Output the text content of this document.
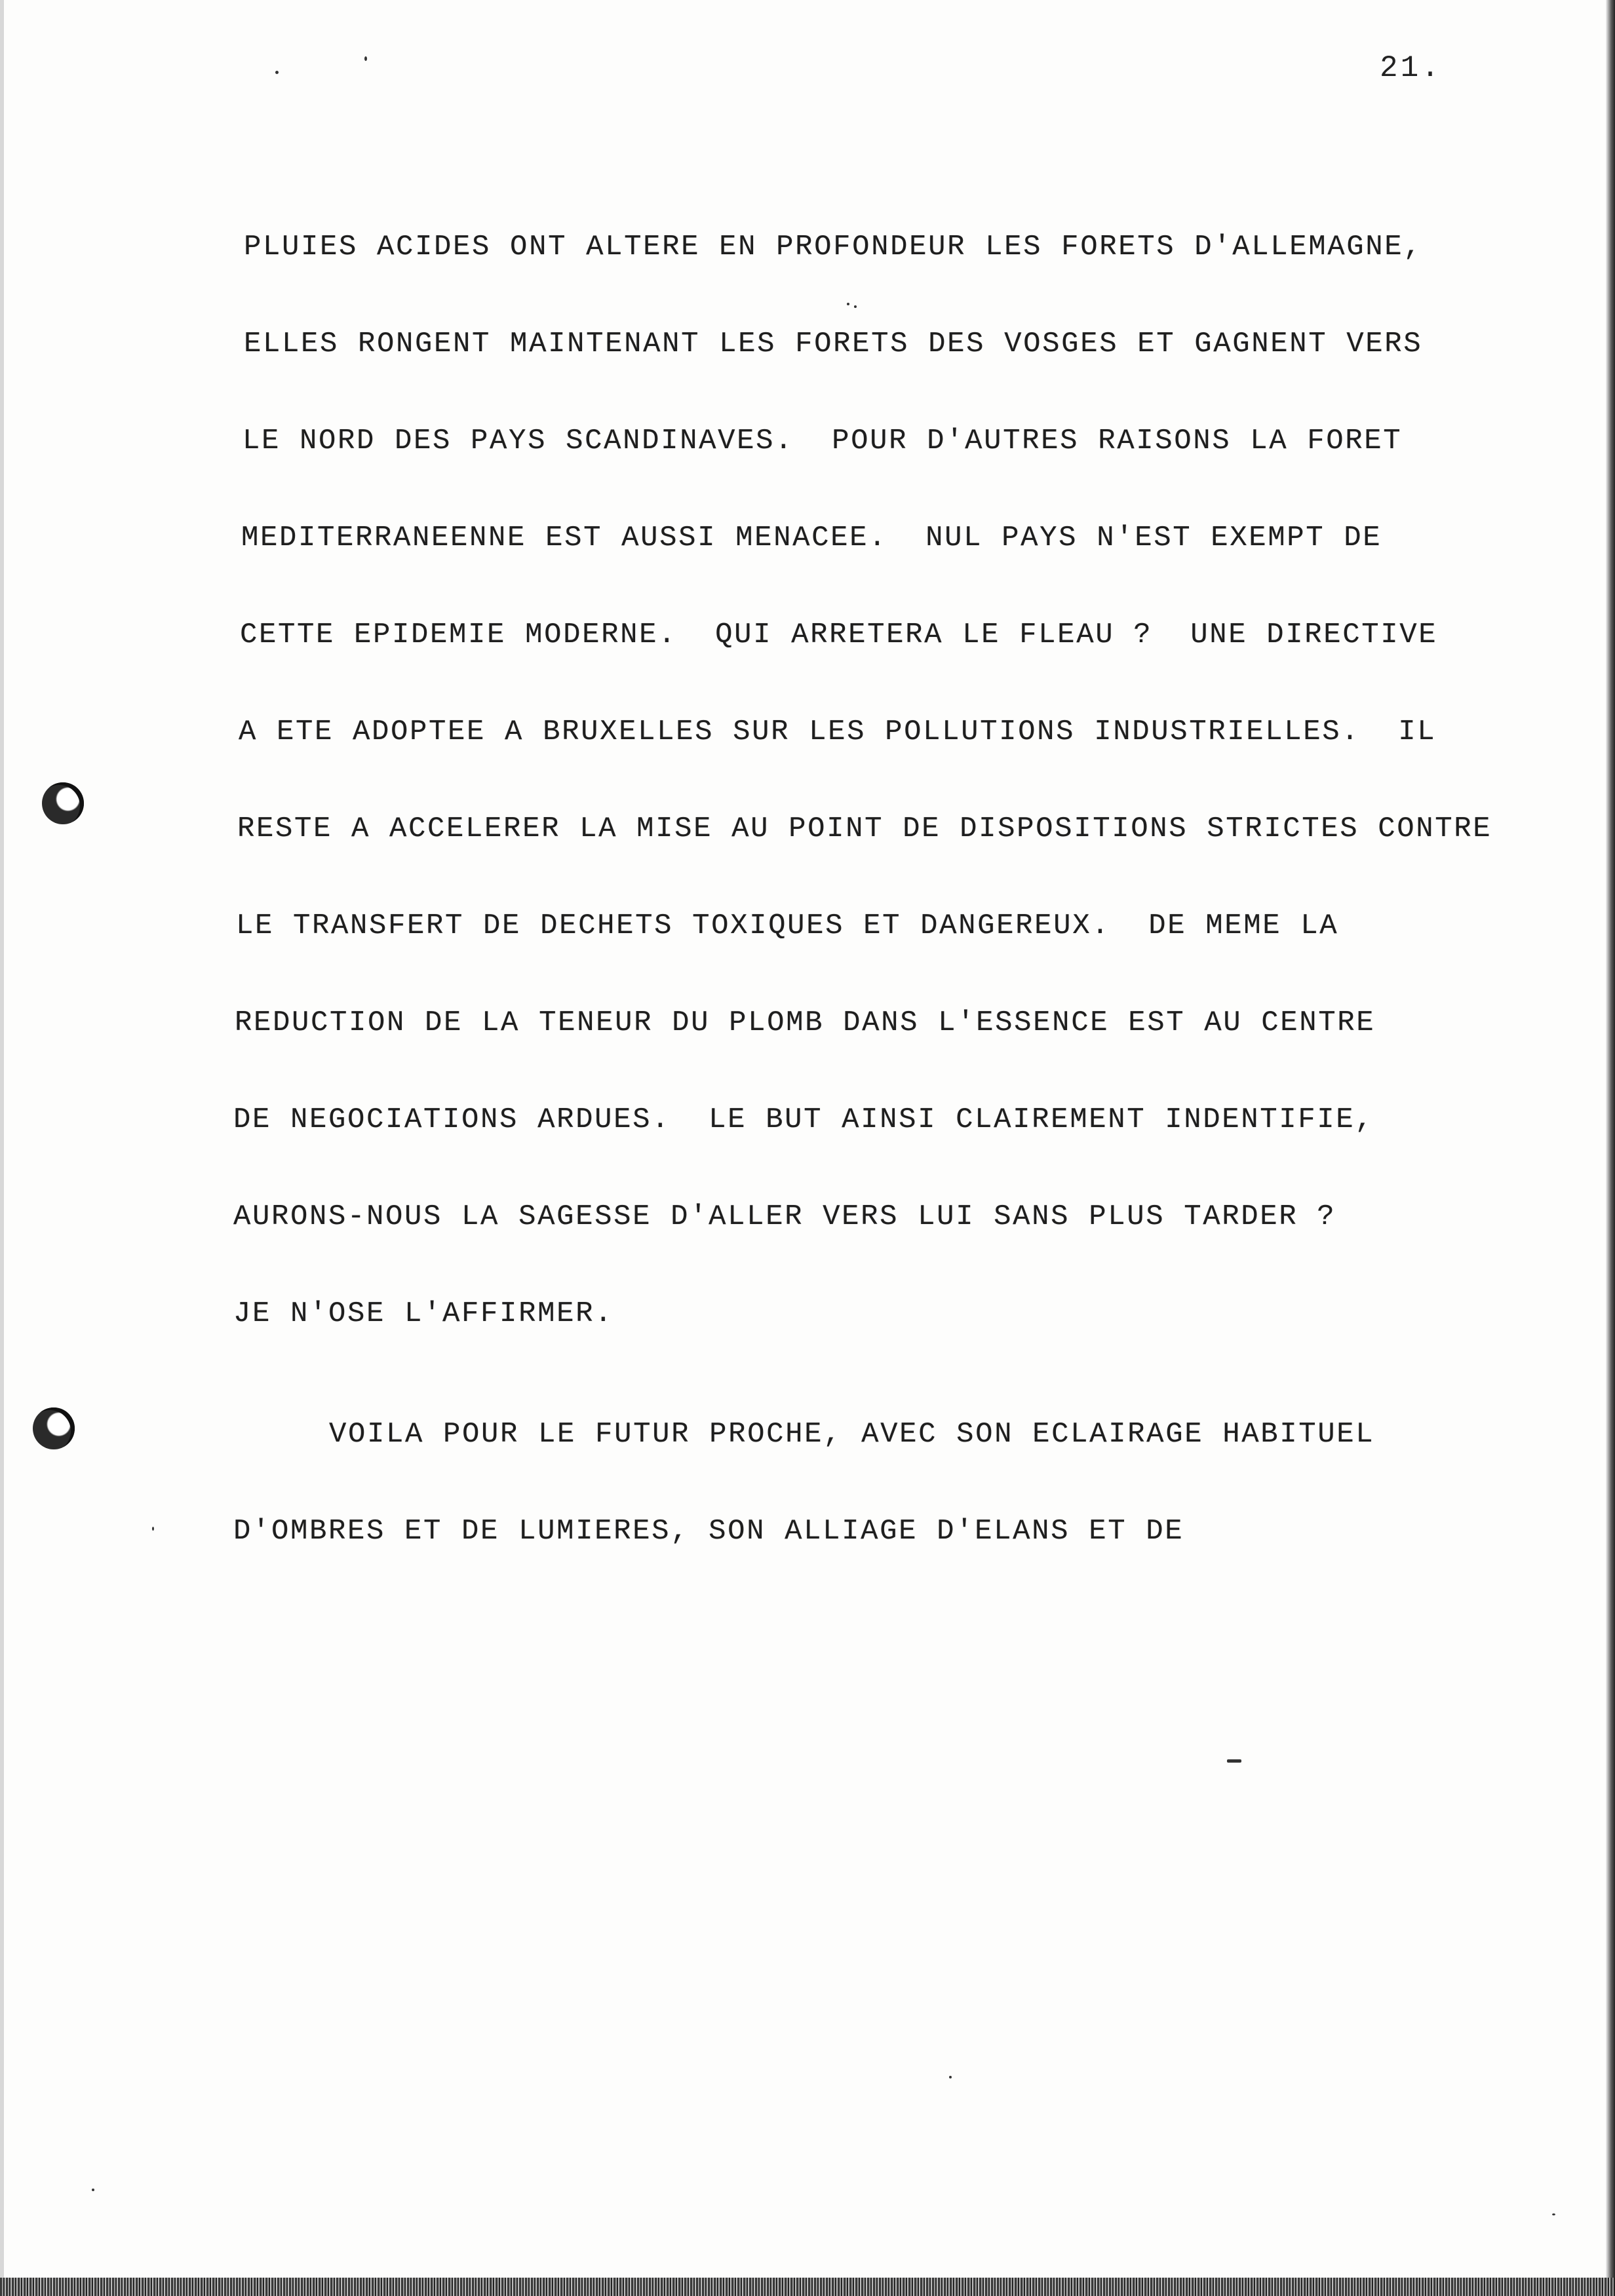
21.
PLUIES ACIDES ONT ALTERE EN PROFONDEUR LES FORETS D'ALLEMAGNE,
ELLES RONGENT MAINTENANT LES FORETS DES VOSGES ET GAGNENT VERS
LE NORD DES PAYS SCANDINAVES.  POUR D'AUTRES RAISONS LA FORET
MEDITERRANEENNE EST AUSSI MENACEE.  NUL PAYS N'EST EXEMPT DE
CETTE EPIDEMIE MODERNE.  QUI ARRETERA LE FLEAU ?  UNE DIRECTIVE
A ETE ADOPTEE A BRUXELLES SUR LES POLLUTIONS INDUSTRIELLES.  IL
RESTE A ACCELERER LA MISE AU POINT DE DISPOSITIONS STRICTES CONTRE
LE TRANSFERT DE DECHETS TOXIQUES ET DANGEREUX.  DE MEME LA
REDUCTION DE LA TENEUR DU PLOMB DANS L'ESSENCE EST AU CENTRE
DE NEGOCIATIONS ARDUES.  LE BUT AINSI CLAIREMENT INDENTIFIE,
AURONS-NOUS LA SAGESSE D'ALLER VERS LUI SANS PLUS TARDER ?
JE N'OSE L'AFFIRMER.
VOILA POUR LE FUTUR PROCHE, AVEC SON ECLAIRAGE HABITUEL
D'OMBRES ET DE LUMIERES, SON ALLIAGE D'ELANS ET DE
